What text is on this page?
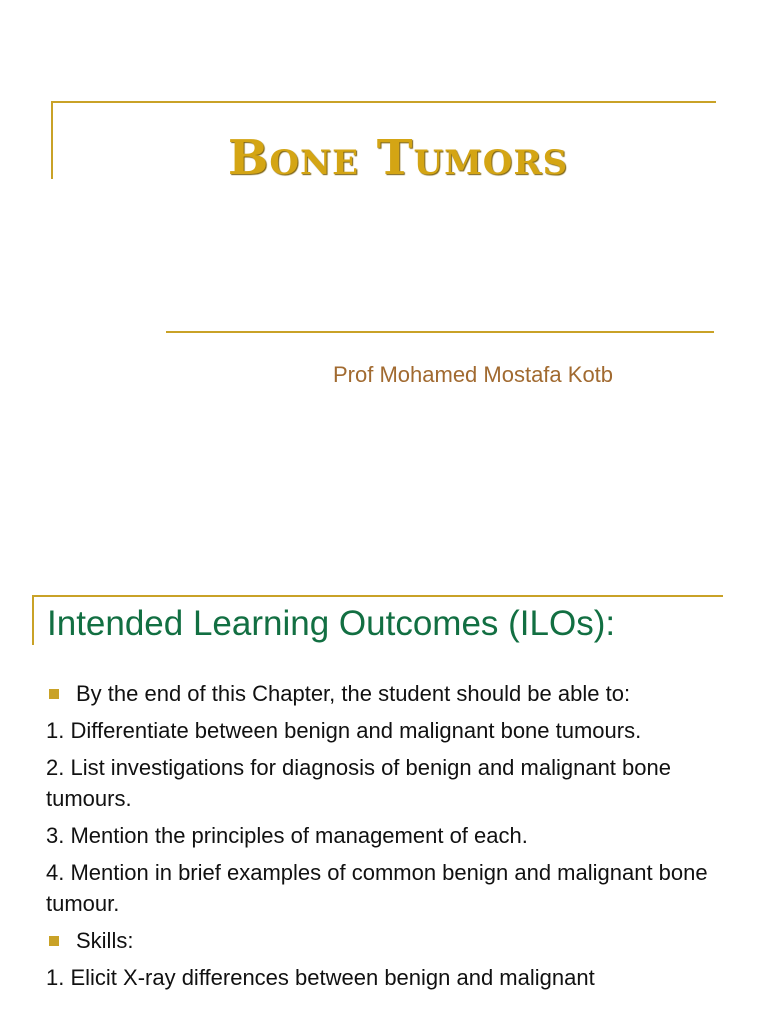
Bone Tumors
Prof Mohamed Mostafa Kotb
Intended Learning Outcomes (ILOs):

By the end of this Chapter, the student should be able to:

1. Differentiate between benign and malignant bone tumours.

2. List investigations for diagnosis of benign and malignant bone tumours.

3. Mention the principles of management of each.

4. Mention in brief examples of common benign and malignant bone tumour.

Skills:

1. Elicit X-ray differences between benign and malignant
